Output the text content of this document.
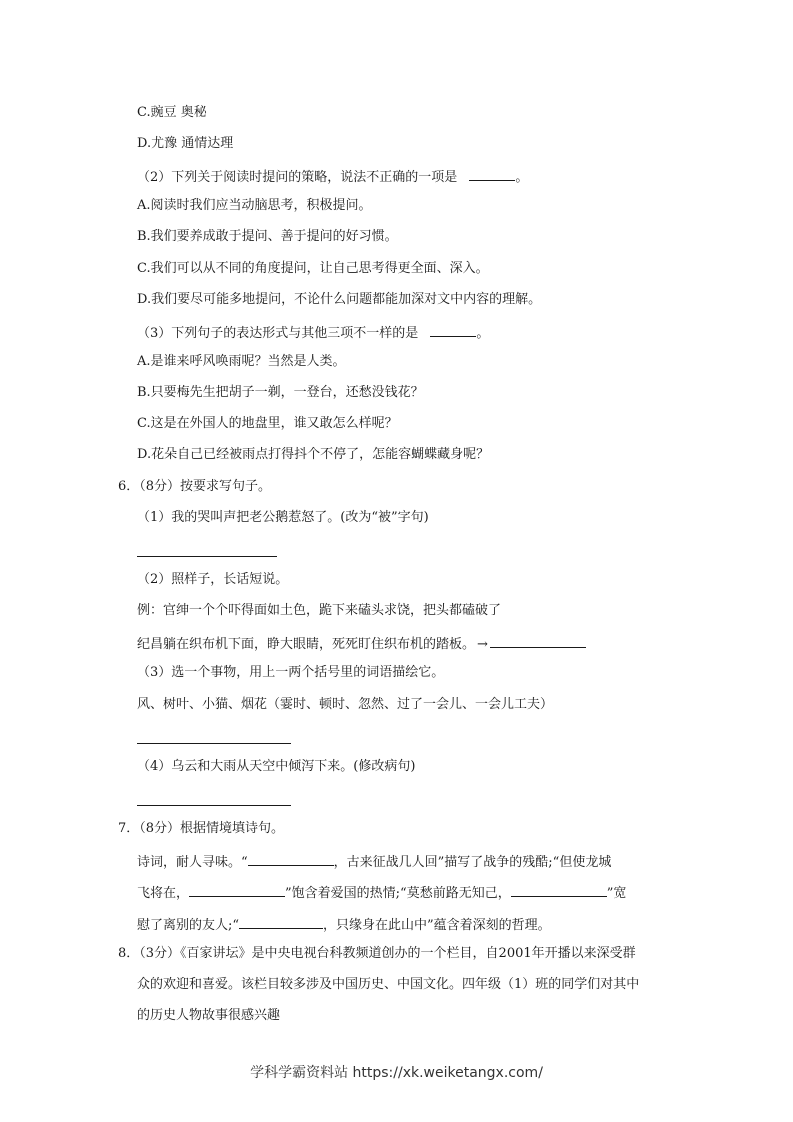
C.豌豆 奥秘
D.尤豫 通情达理
（2）下列关于阅读时提问的策略，说法不正确的一项是	。
A.阅读时我们应当动脑思考，积极提问。
B.我们要养成敢于提问、善于提问的好习惯。
C.我们可以从不同的角度提问，让自己思考得更全面、深入。
D.我们要尽可能多地提问，不论什么问题都能加深对文中内容的理解。
（3）下列句子的表达形式与其他三项不一样的是	。
A.是谁来呼风唤雨呢？当然是人类。
B.只要梅先生把胡子一剃，一登台，还愁没钱花？
C.这是在外国人的地盘里，谁又敢怎么样呢？
D.花朵自己已经被雨点打得抖个不停了，怎能容蝴蝶藏身呢？
6．（8分）按要求写句子。
（1）我的哭叫声把老公鹅惹怒了。(改为“被”字句)
（2）照样子，长话短说。
例：官绅一个个吓得面如土色，跪下来磕头求饶，把头都磕破了
纪昌躺在织布机下面，睁大眼睛，死死盯住织布机的踏板。 →
（3）选一个事物，用上一两个括号里的词语描绘它。
风、树叶、小猫、烟花（霎时、顿时、忽然、过了一会儿、一会儿工夫）
（4）乌云和大雨从天空中倾泻下来。(修改病句)
7．（8分）根据情境填诗句。
诗词，耐人寻味。“	，古来征战几人回”描写了战争的残酷;“但使龙城
飞将在，	”饱含着爱国的热情;“莫愁前路无知己，	”宽
慰了离别的友人;“	，只缘身在此山中”蕴含着深刻的哲理。
8．（3分）《百家讲坛》是中央电视台科教频道创办的一个栏目，自2001年开播以来深受群
众的欢迎和喜爱。该栏目较多涉及中国历史、中国文化。四年级（1）班的同学们对其中
的历史人物故事很感兴趣
学科学霸资料站 https://xk.weiketangx.com/
